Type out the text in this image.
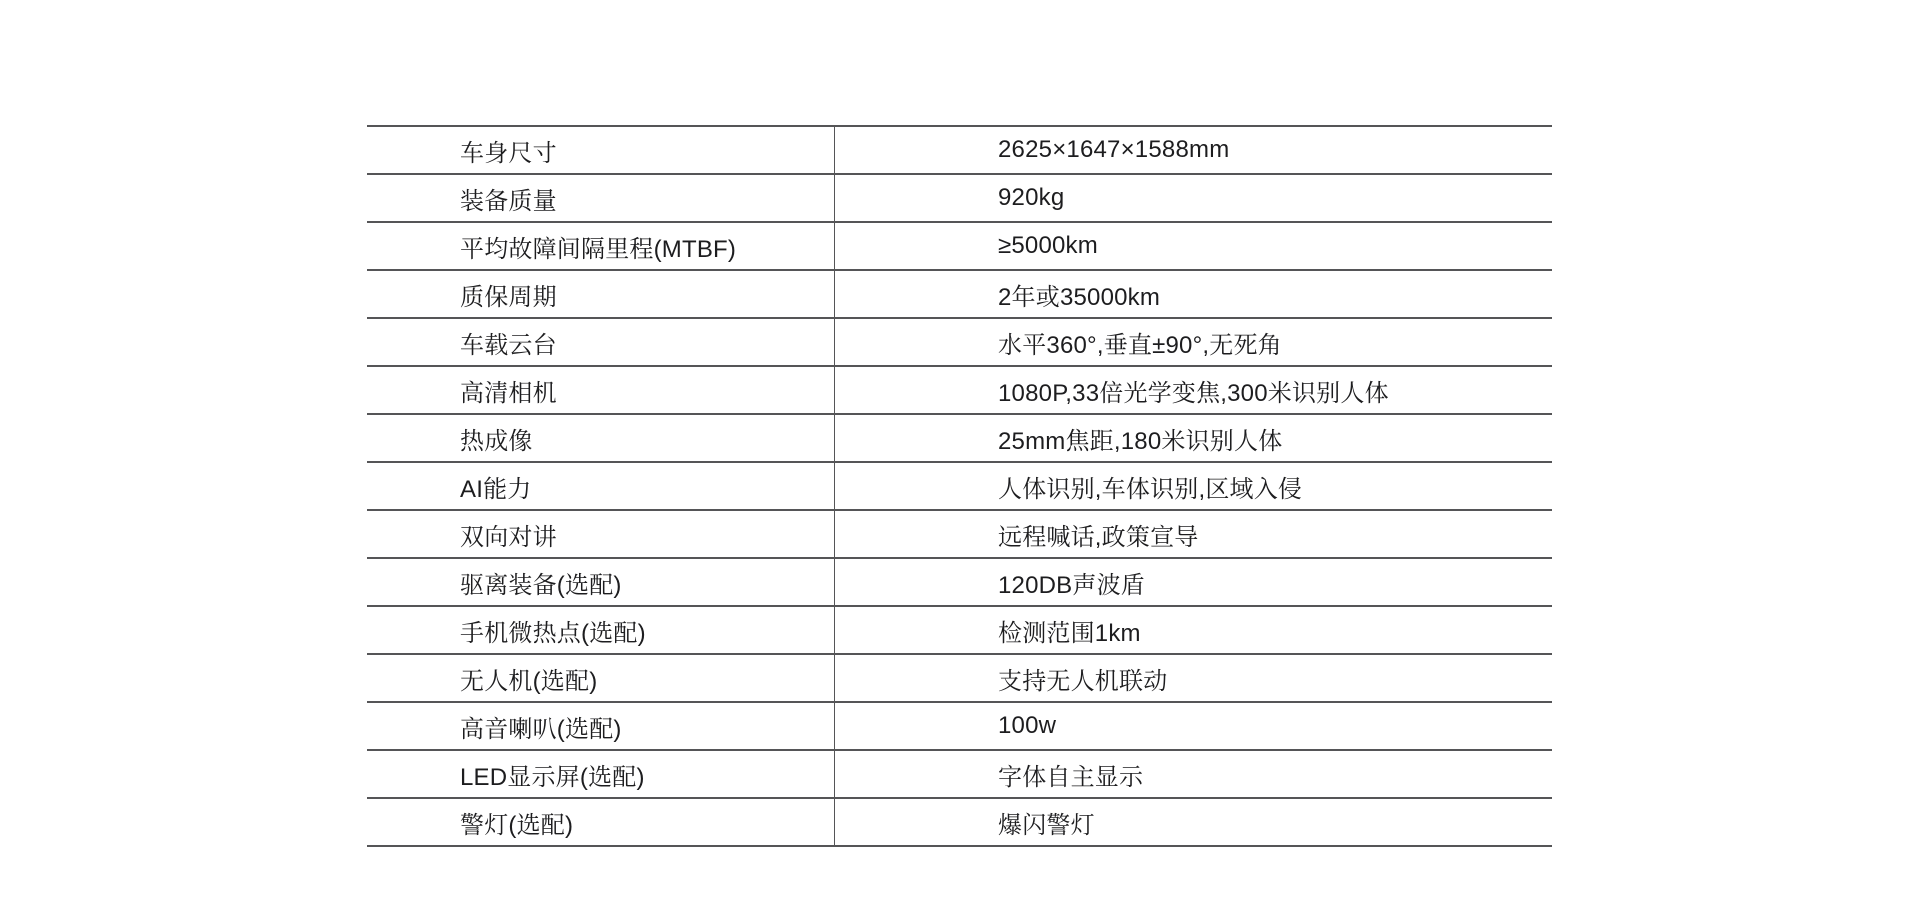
车身尺寸	2625×1647×1588mm
装备质量	920kg
平均故障间隔里程(MTBF)	≥5000km
质保周期	2年或35000km
车载云台	水平360°,垂直±90°,无死角
高清相机	1080P,33倍光学变焦,300米识别人体
热成像	25mm焦距,180米识别人体
AI能力	人体识别,车体识别,区域入侵
双向对讲	远程喊话,政策宣导
驱离装备(选配)	120DB声波盾
手机微热点(选配)	检测范围1km
无人机(选配)	支持无人机联动
高音喇叭(选配)	100w
LED显示屏(选配)	字体自主显示
警灯(选配)	爆闪警灯
